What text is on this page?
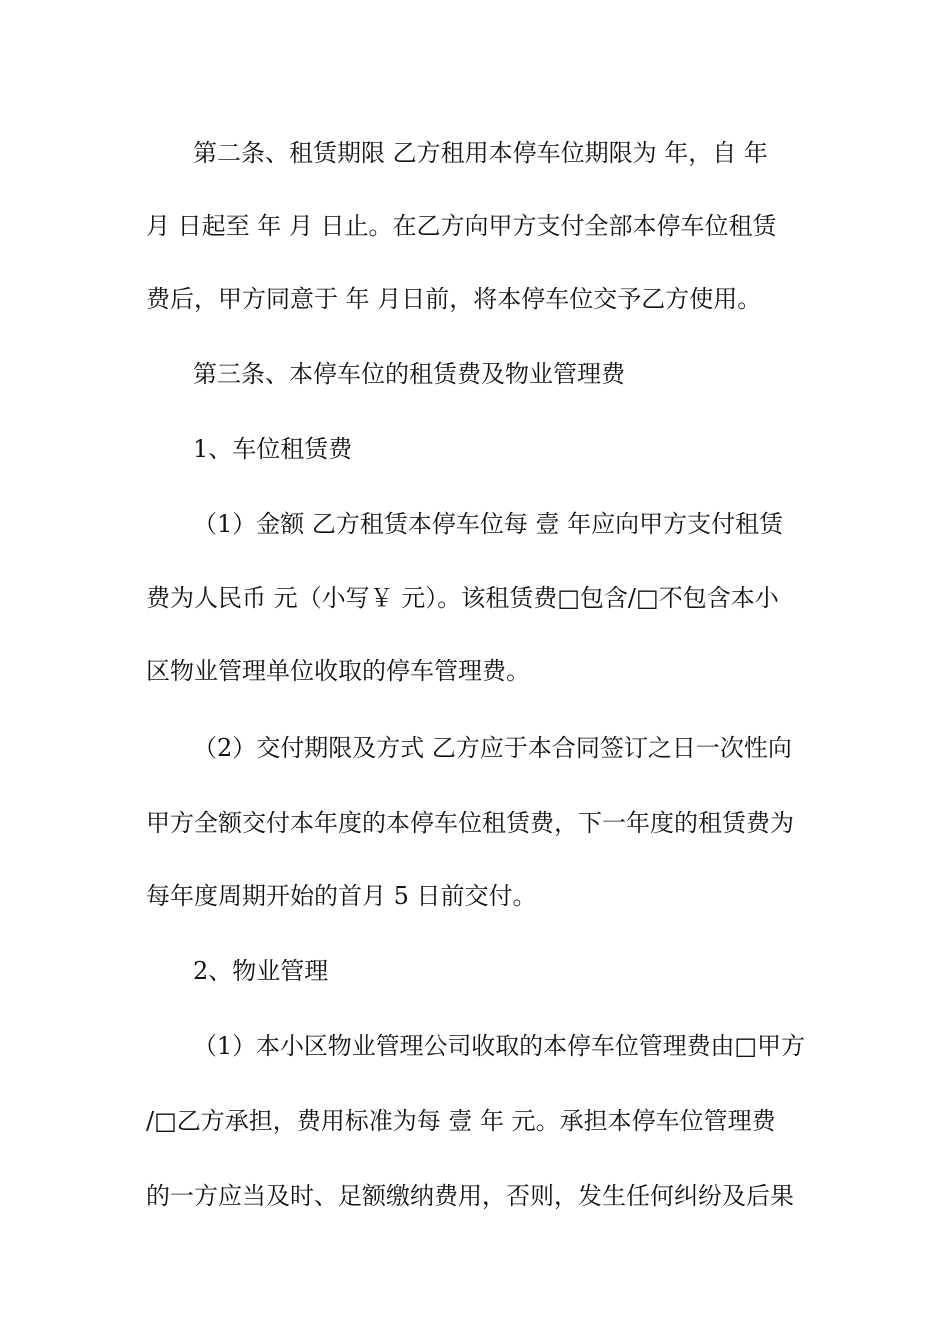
第二条、租赁期限 乙方租用本停车位期限为 年，自 年
月 日起至 年 月 日止。在乙方向甲方支付全部本停车位租赁
费后，甲方同意于 年 月日前，将本停车位交予乙方使用。
第三条、本停车位的租赁费及物业管理费
1、车位租赁费
（1）金额 乙方租赁本停车位每 壹 年应向甲方支付租赁
费为人民币 元（小写￥ 元）。该租赁费□包含/□不包含本小
区物业管理单位收取的停车管理费。
（2）交付期限及方式 乙方应于本合同签订之日一次性向
甲方全额交付本年度的本停车位租赁费，下一年度的租赁费为
每年度周期开始的首月 5 日前交付。
2、物业管理
（1）本小区物业管理公司收取的本停车位管理费由□甲方
/□乙方承担，费用标准为每 壹 年 元。承担本停车位管理费
的一方应当及时、足额缴纳费用，否则，发生任何纠纷及后果
